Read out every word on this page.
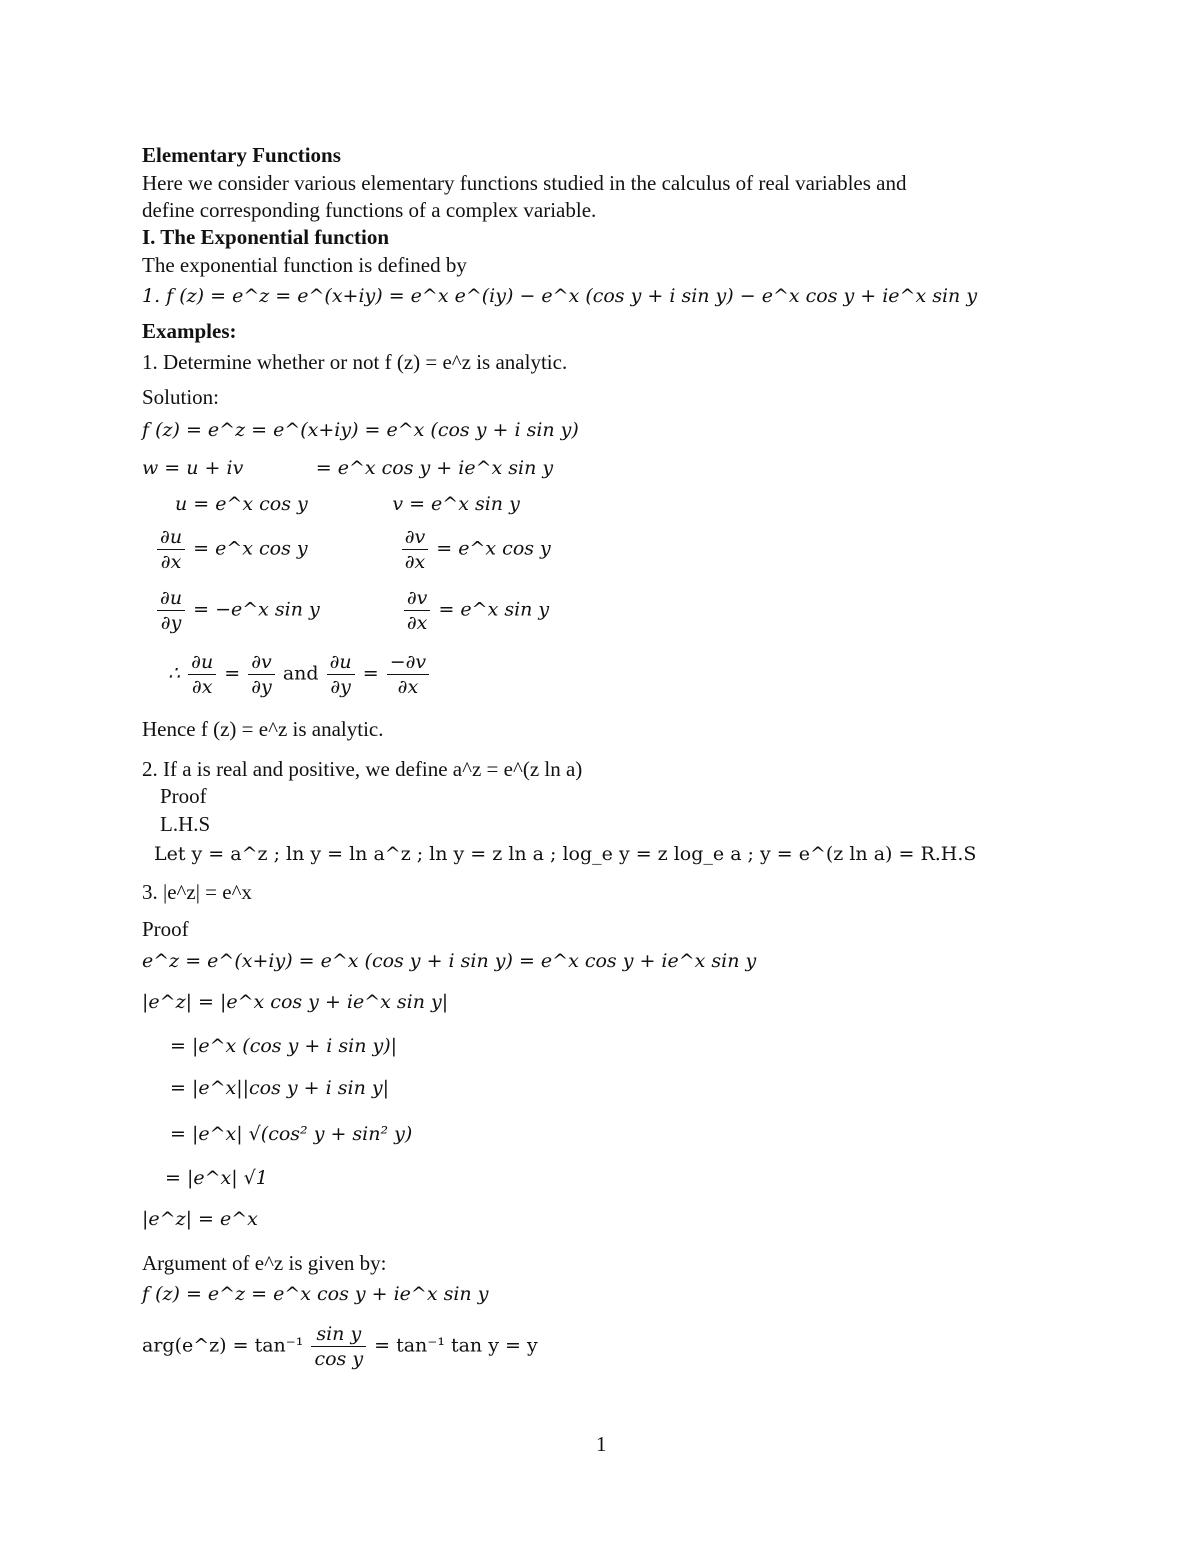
Elementary Functions
Here we consider various elementary functions studied in the calculus of real variables and
define corresponding functions of a complex variable.
I. The Exponential function
The exponential function is defined by
1. f (z) = e^z = e^(x+iy) = e^x e^(iy) − e^x (cos y + i sin y) − e^x cos y + ie^x sin y
Examples:
1. Determine whether or not f (z) = e^z is analytic.
Solution:
f (z) = e^z = e^(x+iy) = e^x (cos y + i sin y)
w = u + iv            = e^x cos y + ie^x sin y
u = e^x cos y              v = e^x sin y
$\frac{\partial u}{\partial x}$ = e^x cos y	$\frac{\partial v}{\partial x}$ = e^x cos y
$\frac{\partial u}{\partial y}$ = −e^x sin y	$\frac{\partial v}{\partial x}$ = e^x sin y
∴ $\frac{\partial u}{\partial x} = \frac{\partial v}{\partial y}$ and $\frac{\partial u}{\partial y} = \frac{-\partial v}{\partial x}$
Hence f (z) = e^z is analytic.
2. If a is real and positive, we define a^z = e^(z ln a)
Proof
L.H.S
Let y = a^z ; ln y = ln a^z ; ln y = z ln a ; log_e y = z log_e a ; y = e^(z ln a) = R.H.S
3. |e^z| = e^x
Proof
e^z = e^(x+iy) = e^x (cos y + i sin y) = e^x cos y + ie^x sin y
|e^z| = |e^x cos y + ie^x sin y|
= |e^x (cos y + i sin y)|
= |e^x||cos y + i sin y|
= |e^x| √(cos² y + sin² y)
= |e^x| √1
|e^z| = e^x
Argument of e^z is given by:
f (z) = e^z = e^x cos y + ie^x sin y
arg(e^z) = $\tan^{-1} \frac{\text{sin y}}{\text{cos y}} = \tan^{-1}$ tan y = y
1
